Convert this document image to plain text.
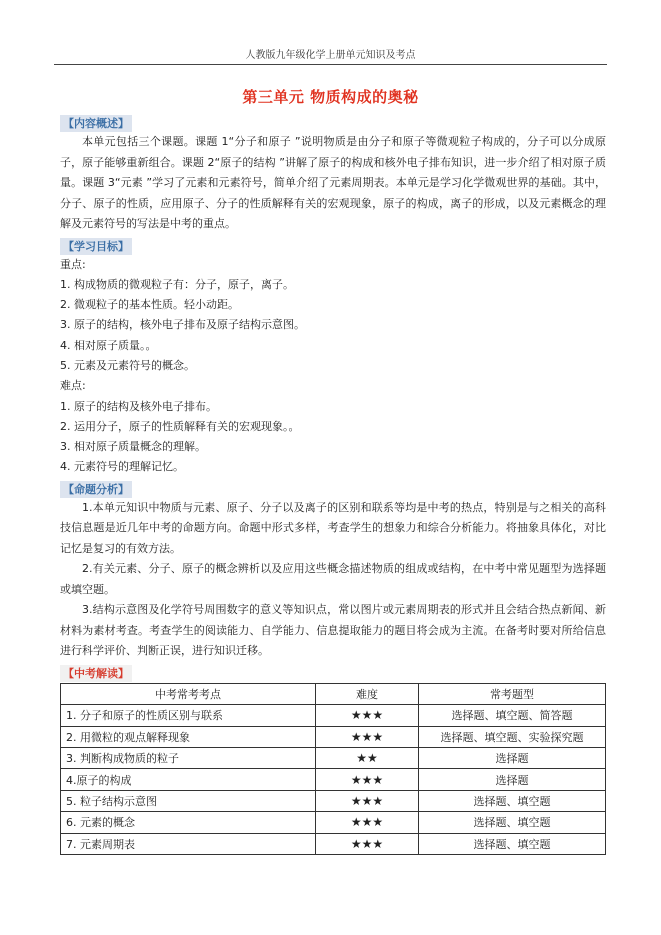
人教版九年级化学上册单元知识及考点
第三单元 物质构成的奥秘
【内容概述】

本单元包括三个课题。课题 1“分子和原子 ”说明物质是由分子和原子等微观粒子构成的，分子可以分成原子，原子能够重新组合。课题 2“原子的结构 ”讲解了原子的构成和核外电子排布知识，进一步介绍了相对原子质量。课题 3“元素 ”学习了元素和元素符号，简单介绍了元素周期表。本单元是学习化学微观世界的基础。其中，分子、原子的性质，应用原子、分子的性质解释有关的宏观现象，原子的构成，离子的形成，以及元素概念的理解及元素符号的写法是中考的重点。

【学习目标】

重点:

1. 构成物质的微观粒子有：分子，原子，离子。

2. 微观粒子的基本性质。轻小动距。

3. 原子的结构，核外电子排布及原子结构示意图。

4. 相对原子质量。。

5. 元素及元素符号的概念。

难点:

1. 原子的结构及核外电子排布。

2. 运用分子，原子的性质解释有关的宏观现象。。

3. 相对原子质量概念的理解。

4. 元素符号的理解记忆。

【命题分析】

1.本单元知识中物质与元素、原子、分子以及离子的区别和联系等均是中考的热点，特别是与之相关的高科技信息题是近几年中考的命题方向。命题中形式多样，考查学生的想象力和综合分析能力。将抽象具体化，对比记忆是复习的有效方法。

2.有关元素、分子、原子的概念辨析以及应用这些概念描述物质的组成或结构，在中考中常见题型为选择题或填空题。

3.结构示意图及化学符号周围数字的意义等知识点，常以图片或元素周期表的形式并且会结合热点新闻、新材料为素材考查。考查学生的阅读能力、自学能力、信息提取能力的题目将会成为主流。在备考时要对所给信息进行科学评价、判断正误，进行知识迁移。

【中考解读】
中考常考考点	难度	常考题型
1. 分子和原子的性质区别与联系	★★★	选择题、填空题、简答题
2. 用微粒的观点解释现象	★★★	选择题、填空题、实验探究题
3. 判断构成物质的粒子	★★	选择题
4.原子的构成	★★★	选择题
5. 粒子结构示意图	★★★	选择题、填空题
6. 元素的概念	★★★	选择题、填空题
7. 元素周期表	★★★	选择题、填空题
